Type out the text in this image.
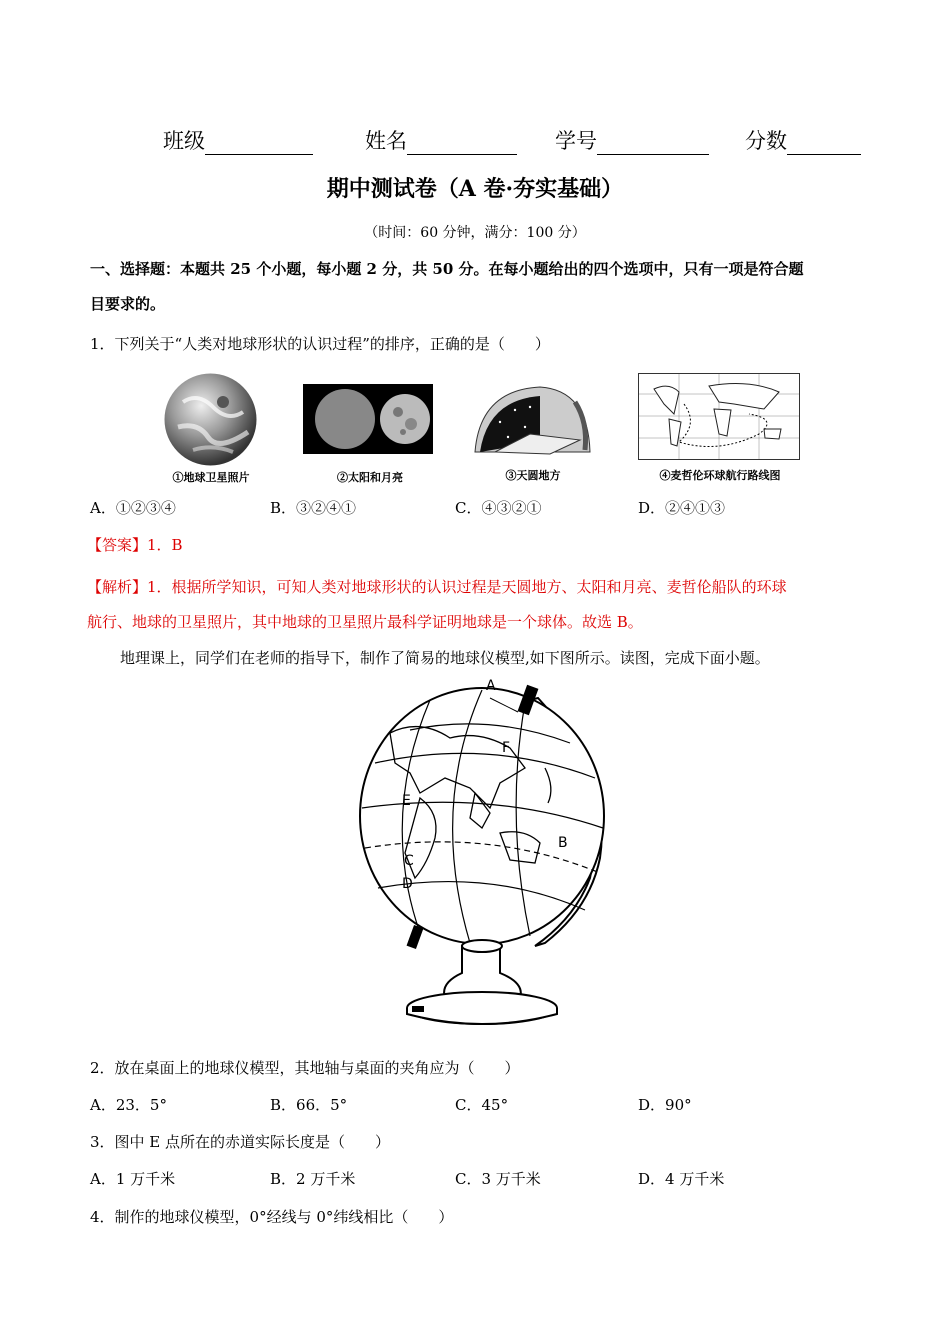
班级	姓名	学号	分数
期中测试卷（A 卷·夯实基础）
（时间：60 分钟，满分：100 分）
一、选择题：本题共 25 个小题，每小题 2 分，共 50 分。在每小题给出的四个选项中，只有一项是符合题
目要求的。
1．下列关于“人类对地球形状的认识过程”的排序，正确的是（　　）
①地球卫星照片	②太阳和月亮	③天圆地方	④麦哲伦环球航行路线图
A．①②③④	B．③②④①	C．④③②①	D．②④①③
【答案】1．B
【解析】1．根据所学知识，可知人类对地球形状的认识过程是天圆地方、太阳和月亮、麦哲伦船队的环球
航行、地球的卫星照片，其中地球的卫星照片最科学证明地球是一个球体。故选 B。
地理课上，同学们在老师的指导下，制作了简易的地球仪模型,如下图所示。读图，完成下面小题。
A
F
E
B
C
D
2．放在桌面上的地球仪模型，其地轴与桌面的夹角应为（　　）
A．23．5°	B．66．5°	C．45°	D．90°
3．图中 E 点所在的赤道实际长度是（　　）
A．1 万千米	B．2 万千米	C．3 万千米	D．4 万千米
4．制作的地球仪模型，0°经线与 0°纬线相比（　　）
